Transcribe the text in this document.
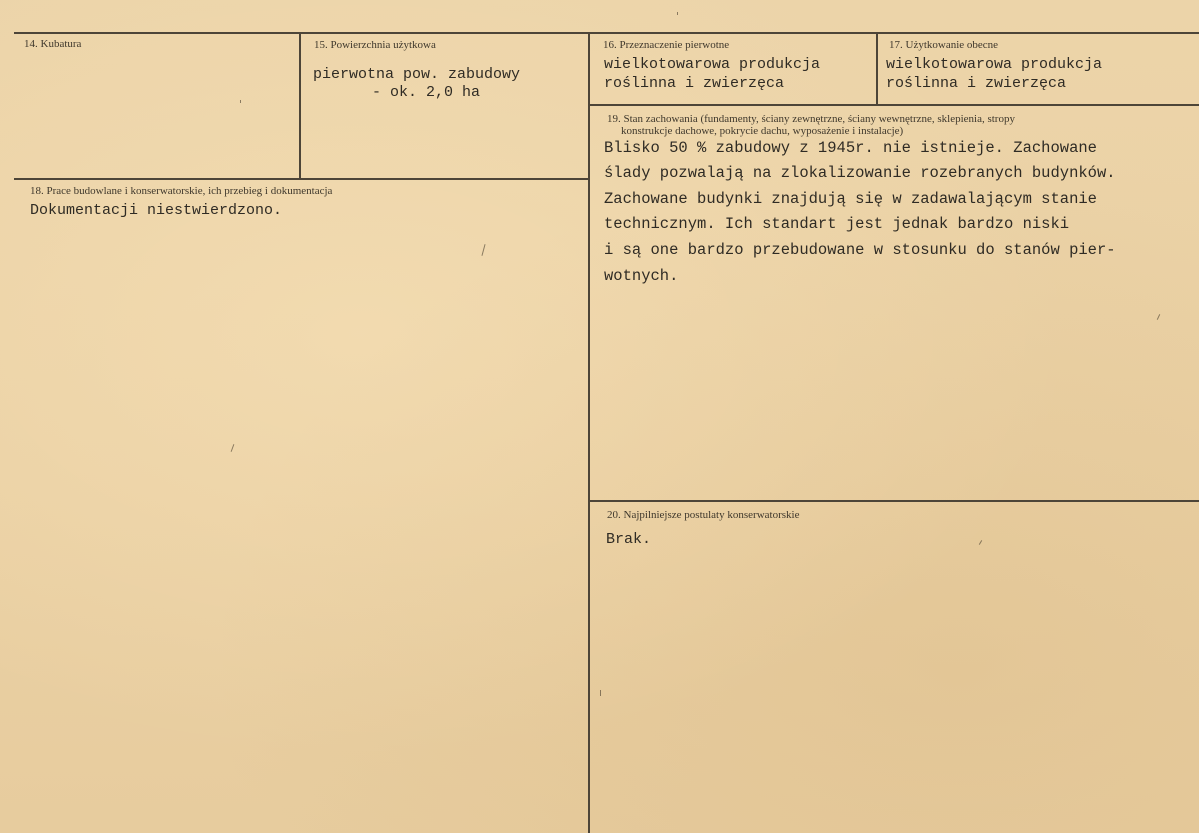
14. Kubatura	15. Powierzchnia użytkowa
pierwotna pow. zabudowy
- ok. 2,0 ha
16. Przeznaczenie pierwotne
wielkotowarowa produkcja
roślinna i zwierzęca
17. Użytkowanie obecne
wielkotowarowa produkcja
roślinna i zwierzęca
18. Prace budowlane i konserwatorskie, ich przebieg i dokumentacja
Dokumentacji niestwierdzono.
19. Stan zachowania (fundamenty, ściany zewnętrzne, ściany wewnętrzne, sklepienia, stropy
konstrukcje dachowe, pokrycie dachu, wyposażenie i instalacje)
Blisko 50 % zabudowy z 1945r. nie istnieje. Zachowane
ślady pozwalają na zlokalizowanie rozebranych budynków.
Zachowane budynki znajdują się w zadawalającym stanie
technicznym. Ich standart jest jednak bardzo niski
i są one bardzo przebudowane w stosunku do stanów pier-
wotnych.
20. Najpilniejsze postulaty konserwatorskie
Brak.
